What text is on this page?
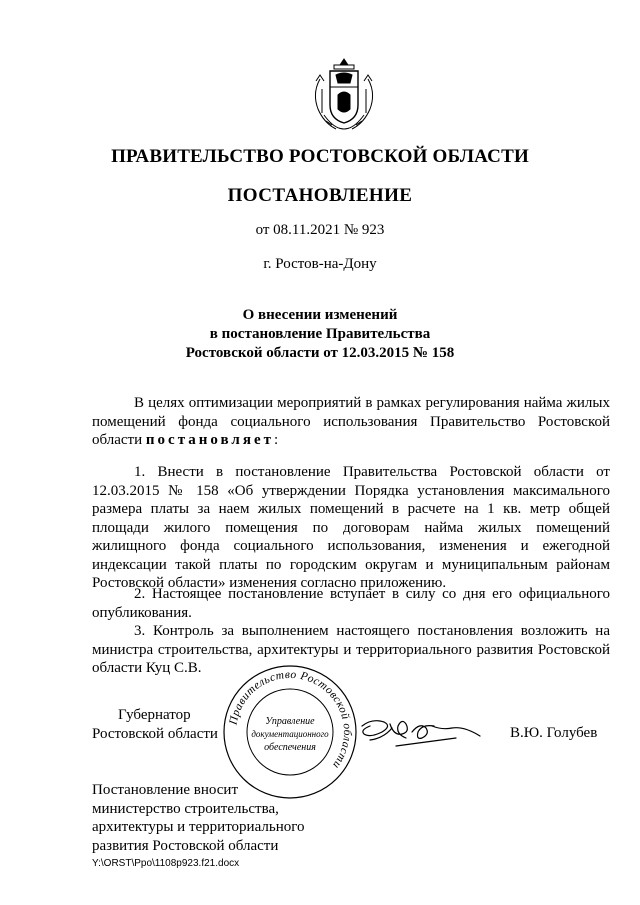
ПРАВИТЕЛЬСТВО РОСТОВСКОЙ ОБЛАСТИ
ПОСТАНОВЛЕНИЕ
от 08.11.2021 № 923
г. Ростов-на-Дону
О внесении изменений
в постановление Правительства
Ростовской области от 12.03.2015 № 158
В целях оптимизации мероприятий в рамках регулирования найма жилых помещений фонда социального использования Правительство Ростовской области постановляет:
1. Внести в постановление Правительства Ростовской области от 12.03.2015 № 158 «Об утверждении Порядка установления максимального размера платы за наем жилых помещений в расчете на 1 кв. метр общей площади жилого помещения по договорам найма жилых помещений жилищного фонда социального использования, изменения и ежегодной индексации такой платы по городским округам и муниципальным районам Ростовской области» изменения согласно приложению.
2. Настоящее постановление вступает в силу со дня его официального опубликования.
3. Контроль за выполнением настоящего постановления возложить на министра строительства, архитектуры и территориального развития Ростовской области Куц С.В.
Правительство Ростовской области
Управление
документационного
обеспечения
Губернатор
Ростовской области	В.Ю. Голубев
Постановление вносит
министерство строительства,
архитектуры и территориального
развития Ростовской области
Y:\ORST\Ppo\1108p923.f21.docx
